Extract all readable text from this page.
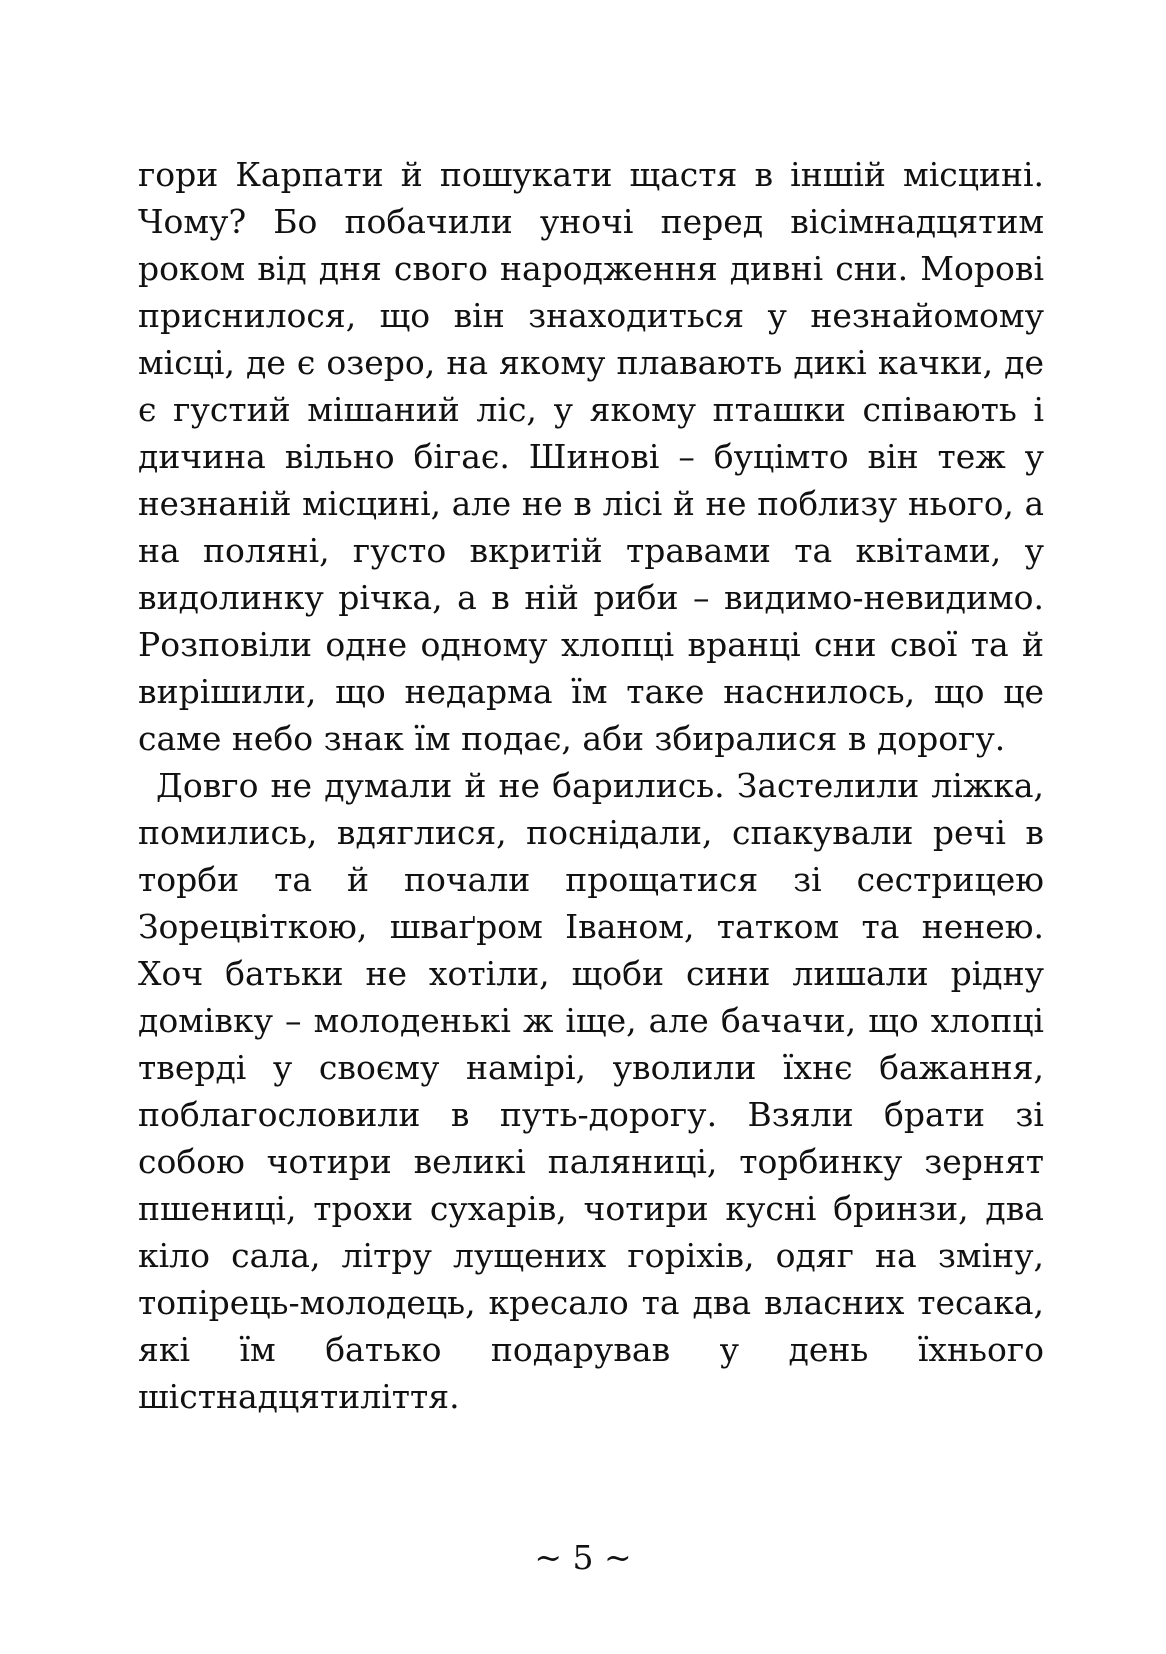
гори Карпати й пошукати щастя в іншій місцині.
Чому? Бо побачили уночі перед вісімнадцятим
роком від дня свого народження дивні сни. Морові
приснилося, що він знаходиться у незнайомому
місці, де є озеро, на якому плавають дикі качки, де
є густий мішаний ліс, у якому пташки співають і
дичина вільно бігає. Шинові – буцімто він теж у
незнаній місцині, але не в лісі й не поблизу нього, а
на поляні, густо вкритій травами та квітами, у
видолинку річка, а в ній риби – видимо-невидимо.
Розповіли одне одному хлопці вранці сни свої та й
вирішили, що недарма їм таке наснилось, що це
саме небо знак їм подає, аби збиралися в дорогу.
Довго не думали й не барились. Застелили ліжка,
помились, вдяглися, поснідали, спакували речі в
торби та й почали прощатися зі сестрицею
Зорецвіткою, шваґром Іваном, татком та ненею.
Хоч батьки не хотіли, щоби сини лишали рідну
домівку – молоденькі ж іще, але бачачи, що хлопці
тверді у своєму намірі, уволили їхнє бажання,
поблагословили в путь-дорогу. Взяли брати зі
собою чотири великі паляниці, торбинку зернят
пшениці, трохи сухарів, чотири кусні бринзи, два
кіло сала, літру лущених горіхів, одяг на зміну,
топірець-молодець, кресало та два власних тесака,
які їм батько подарував у день їхнього
шістнадцятиліття.
~ 5 ~
